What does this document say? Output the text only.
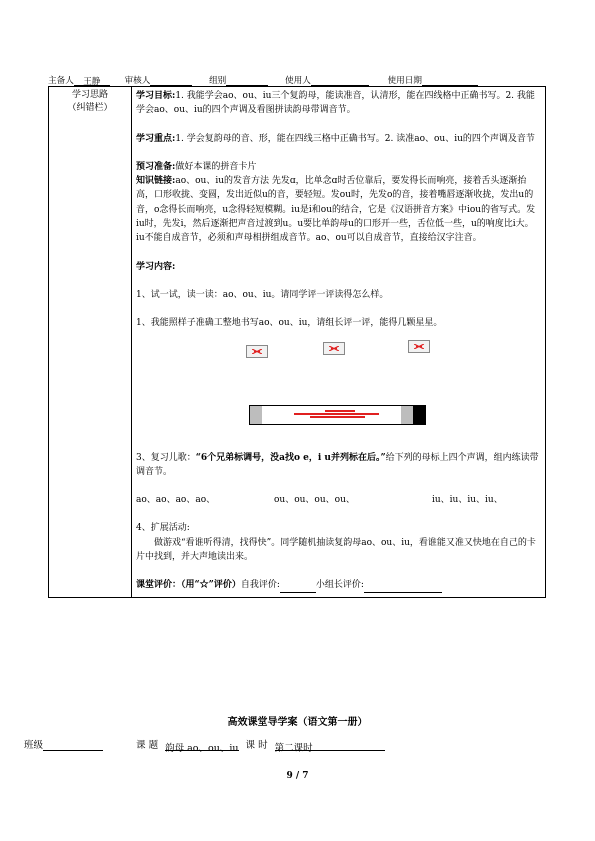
主备人 王静	审核人	组别	使用人	使用日期
学习思路
（纠错栏）

学习目标:1. 我能学会ao、ou、iu三个复韵母，能读准音，认清形，能在四线格中正确书写。2. 我能学会ao、ou、iu的四个声调及看图拼读韵母带调音节。

学习重点:1. 学会复韵母的音、形，能在四线三格中正确书写。2. 读准ao、ou、iu的四个声调及音节

预习准备:做好本课的拼音卡片

知识链接:ao、ou、iu的发音方法 先发ɑ，比单念ɑ时舌位靠后，要发得长而响亮，接着舌头逐渐抬高，口形收拢、变圆，发出近似u的音，要轻短。发ou时，先发o的音，接着嘴唇逐渐收拢，发出u的音，o念得长而响亮，u念得轻短模糊。iu是i和ou的结合，它是《汉语拼音方案》中iou的省写式。发iu时，先发i，然后逐渐把声音过渡到u。u要比单韵母u的口形开一些，舌位低一些，u的响度比i大。iu不能自成音节，必须和声母相拼组成音节。ao、ou可以自成音节，直接给汉字注音。

学习内容:

1、试一试，读一读：ao、ou、iu。请同学评一评读得怎么样。

1、我能照样子准确工整地书写ao、ou、iu，请组长评一评，能得几颗星星。

3、复习儿歌：“6个兄弟标调号，没a找o e，i u并列标在后。”给下列的母标上四个声调，组内练读带调音节。

ao、ao、ao、ao、	ou、ou、ou、ou、	iu、iu、iu、iu、

4、扩展活动:

做游戏“看谁听得清，找得快”。同学随机抽读复韵母ao、ou、iu，看谁能又准又快地在自己的卡片中找到，并大声地读出来。

课堂评价：（用“☆”评价）自我评价:	小组长评价:

高效课堂导学案（语文第一册）
班级	课 题 韵母 ao、ou、iu 课 时 第二课时
9 / 7
